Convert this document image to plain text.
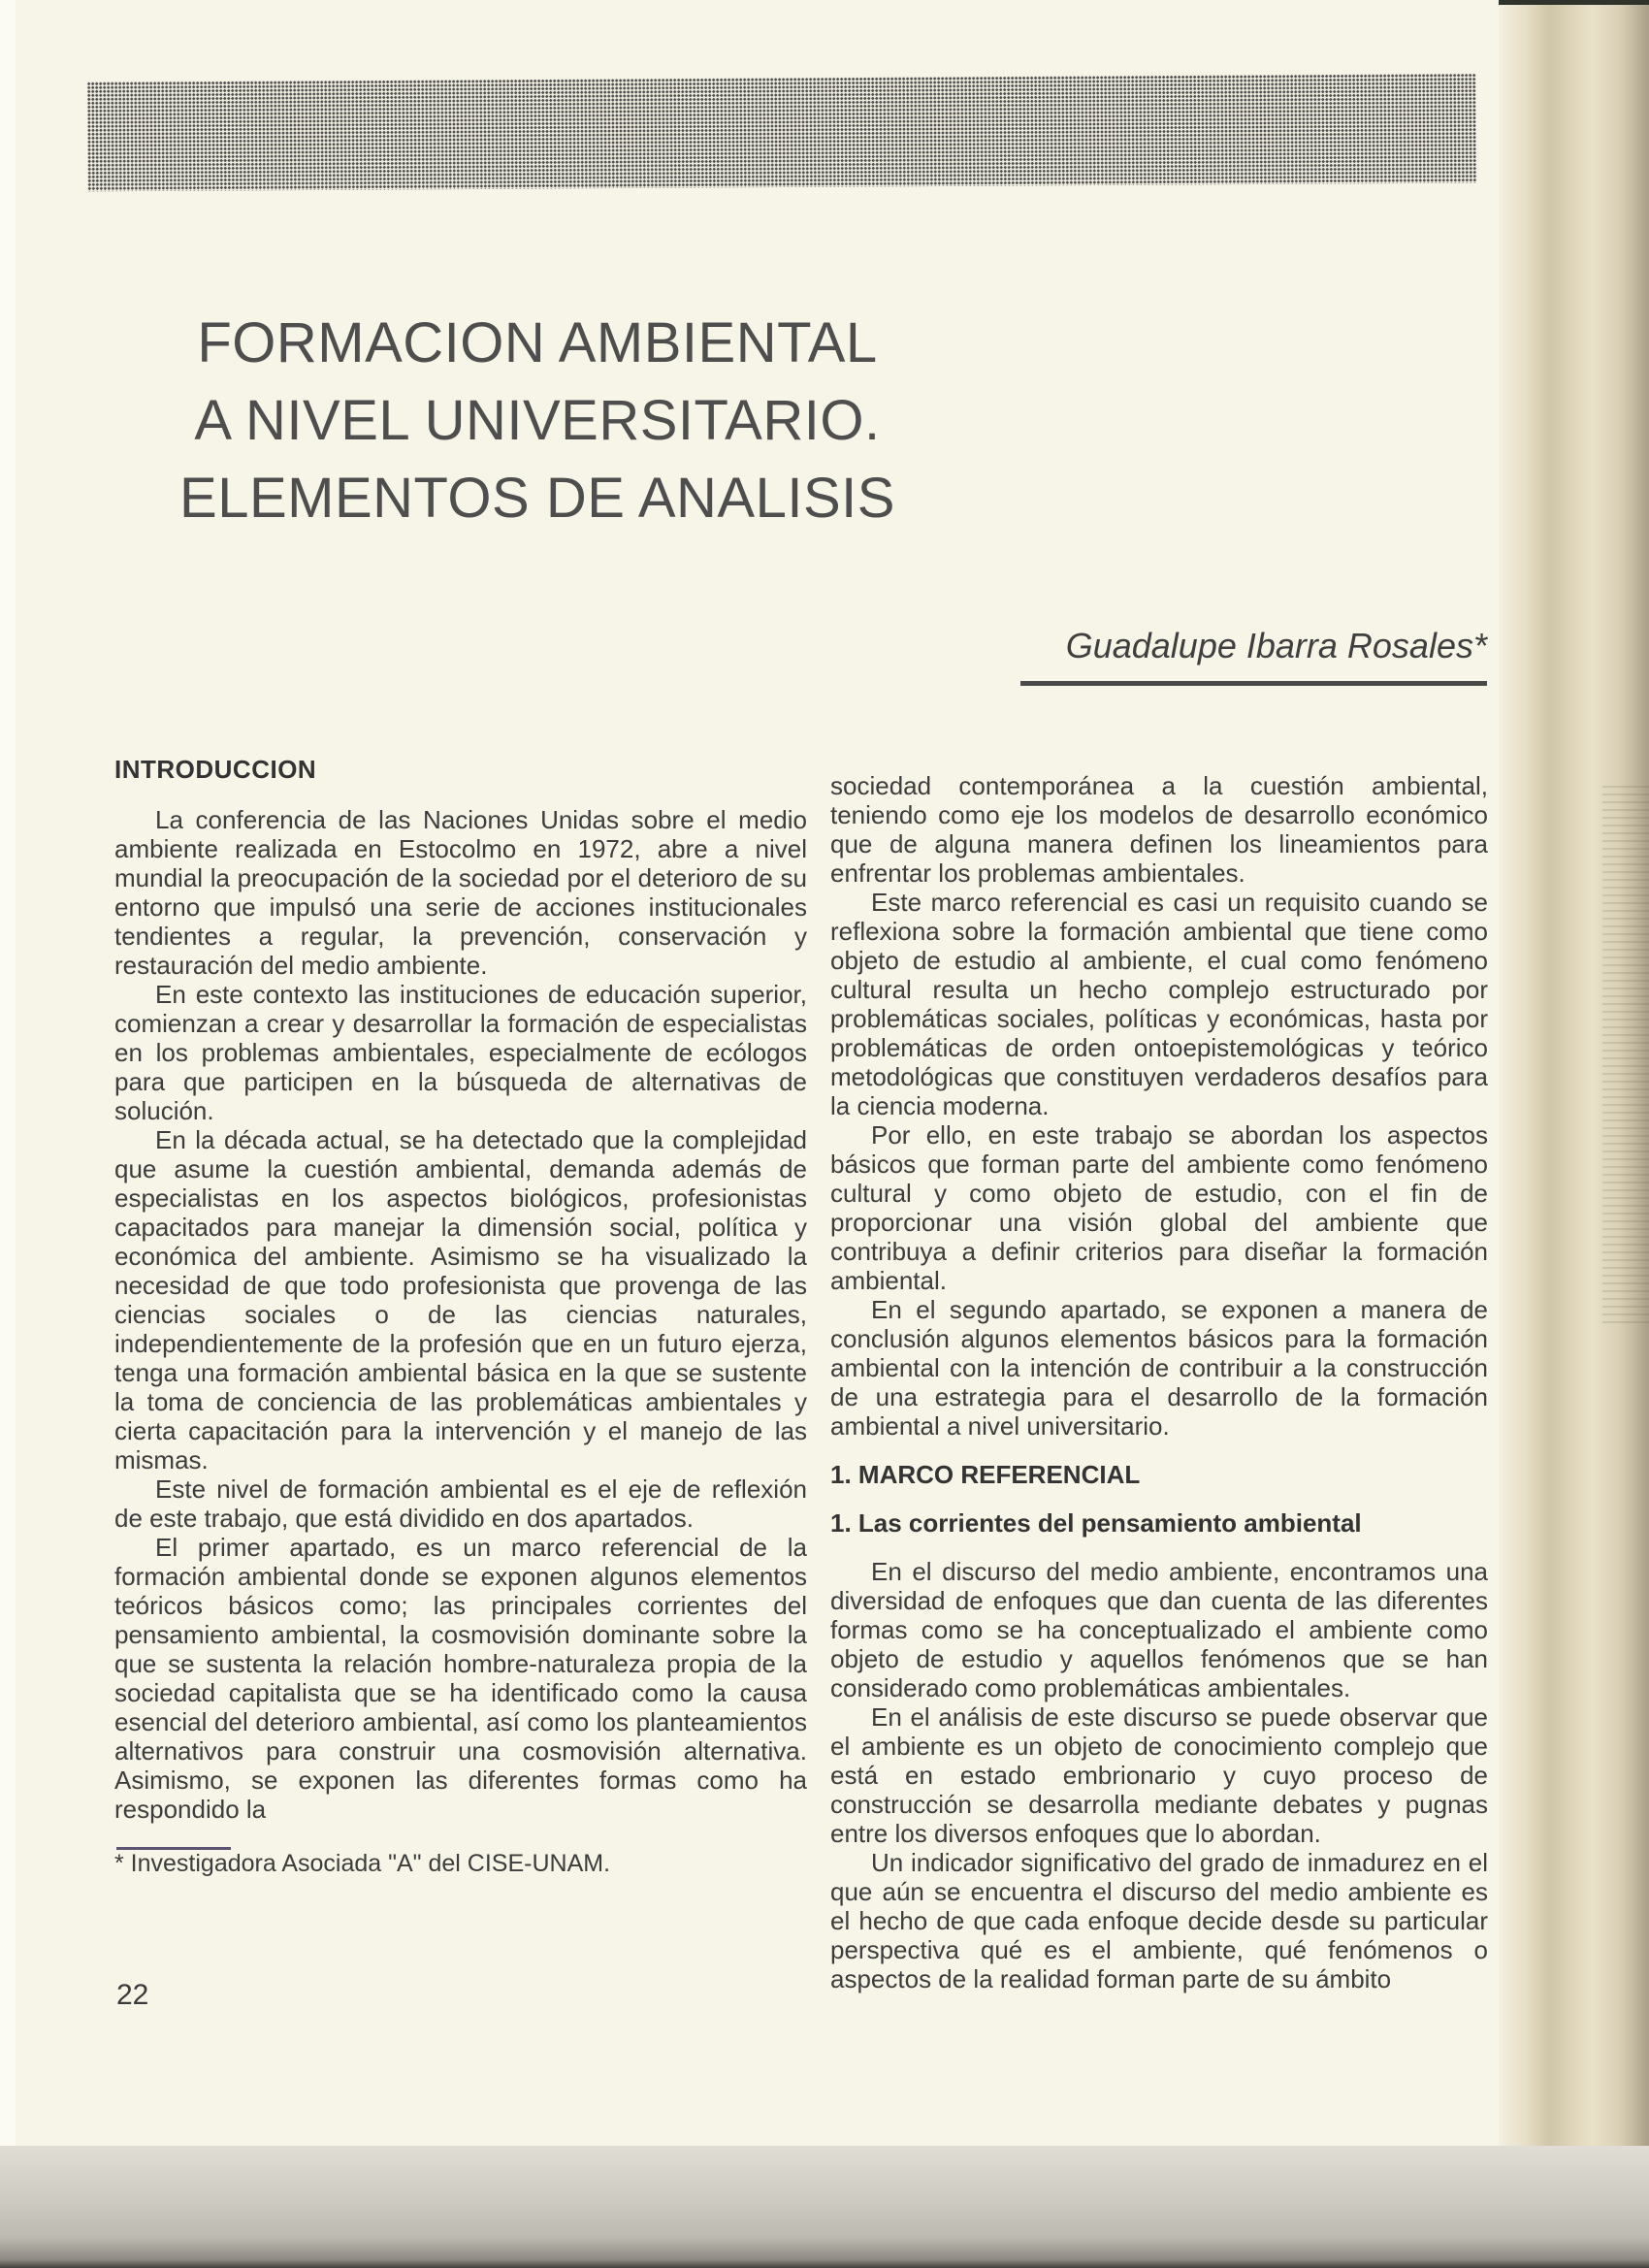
FORMACION AMBIENTAL
A NIVEL UNIVERSITARIO.
ELEMENTOS DE ANALISIS
Guadalupe Ibarra Rosales*
INTRODUCCION

La conferencia de las Naciones Unidas sobre el medio ambiente realizada en Estocolmo en 1972, abre a nivel mundial la preocupación de la sociedad por el deterioro de su entorno que impulsó una serie de acciones institucionales tendientes a regular, la prevención, conservación y restauración del medio ambiente.

En este contexto las instituciones de educación superior, comienzan a crear y desarrollar la formación de especialistas en los problemas ambientales, especialmente de ecólogos para que participen en la búsqueda de alternativas de solución.

En la década actual, se ha detectado que la complejidad que asume la cuestión ambiental, demanda además de especialistas en los aspectos biológicos, profesionistas capacitados para manejar la dimensión social, política y económica del ambiente. Asimismo se ha visualizado la necesidad de que todo profesionista que provenga de las ciencias sociales o de las ciencias naturales, independientemente de la profesión que en un futuro ejerza, tenga una formación ambiental básica en la que se sustente la toma de conciencia de las problemáticas ambientales y cierta capacitación para la intervención y el manejo de las mismas.

Este nivel de formación ambiental es el eje de reflexión de este trabajo, que está dividido en dos apartados.

El primer apartado, es un marco referencial de la formación ambiental donde se exponen algunos elementos teóricos básicos como; las principales corrientes del pensamiento ambiental, la cosmovisión dominante sobre la que se sustenta la relación hombre-naturaleza propia de la sociedad capitalista que se ha identificado como la causa esencial del deterioro ambiental, así como los planteamientos alternativos para construir una cosmovisión alternativa. Asimismo, se exponen las diferentes formas como ha respondido la

* Investigadora Asociada "A" del CISE-UNAM.

sociedad contemporánea a la cuestión ambiental, teniendo como eje los modelos de desarrollo económico que de alguna manera definen los lineamientos para enfrentar los problemas ambientales.

Este marco referencial es casi un requisito cuando se reflexiona sobre la formación ambiental que tiene como objeto de estudio al ambiente, el cual como fenómeno cultural resulta un hecho complejo estructurado por problemáticas sociales, políticas y económicas, hasta por problemáticas de orden ontoepistemológicas y teórico metodológicas que constituyen verdaderos desafíos para la ciencia moderna.

Por ello, en este trabajo se abordan los aspectos básicos que forman parte del ambiente como fenómeno cultural y como objeto de estudio, con el fin de proporcionar una visión global del ambiente que contribuya a definir criterios para diseñar la formación ambiental.

En el segundo apartado, se exponen a manera de conclusión algunos elementos básicos para la formación ambiental con la intención de contribuir a la construcción de una estrategia para el desarrollo de la formación ambiental a nivel universitario.

1. MARCO REFERENCIAL
1. Las corrientes del pensamiento ambiental

En el discurso del medio ambiente, encontramos una diversidad de enfoques que dan cuenta de las diferentes formas como se ha conceptualizado el ambiente como objeto de estudio y aquellos fenómenos que se han considerado como problemáticas ambientales.

En el análisis de este discurso se puede observar que el ambiente es un objeto de conocimiento complejo que está en estado embrionario y cuyo proceso de construcción se desarrolla mediante debates y pugnas entre los diversos enfoques que lo abordan.

Un indicador significativo del grado de inmadurez en el que aún se encuentra el discurso del medio ambiente es el hecho de que cada enfoque decide desde su particular perspectiva qué es el ambiente, qué fenómenos o aspectos de la realidad forman parte de su ámbito

22
